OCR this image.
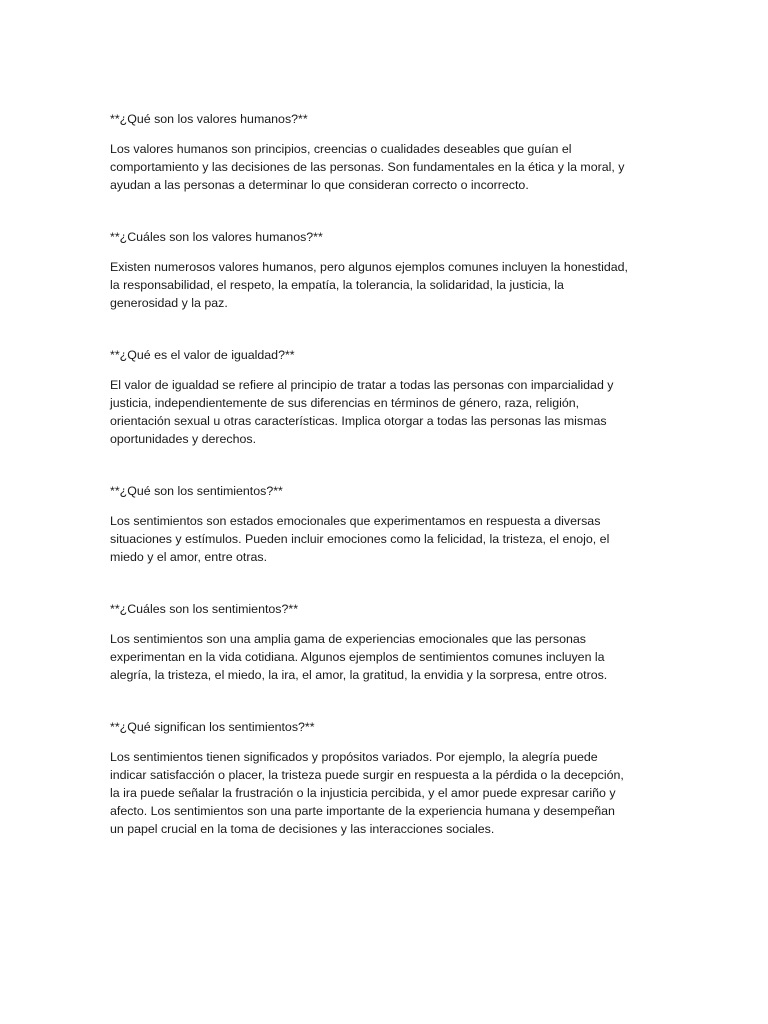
**¿Qué son los valores humanos?**

Los valores humanos son principios, creencias o cualidades deseables que guían el
comportamiento y las decisiones de las personas. Son fundamentales en la ética y la moral, y
ayudan a las personas a determinar lo que consideran correcto o incorrecto.

**¿Cuáles son los valores humanos?**

Existen numerosos valores humanos, pero algunos ejemplos comunes incluyen la honestidad,
la responsabilidad, el respeto, la empatía, la tolerancia, la solidaridad, la justicia, la
generosidad y la paz.

**¿Qué es el valor de igualdad?**

El valor de igualdad se refiere al principio de tratar a todas las personas con imparcialidad y
justicia, independientemente de sus diferencias en términos de género, raza, religión,
orientación sexual u otras características. Implica otorgar a todas las personas las mismas
oportunidades y derechos.

**¿Qué son los sentimientos?**

Los sentimientos son estados emocionales que experimentamos en respuesta a diversas
situaciones y estímulos. Pueden incluir emociones como la felicidad, la tristeza, el enojo, el
miedo y el amor, entre otras.

**¿Cuáles son los sentimientos?**

Los sentimientos son una amplia gama de experiencias emocionales que las personas
experimentan en la vida cotidiana. Algunos ejemplos de sentimientos comunes incluyen la
alegría, la tristeza, el miedo, la ira, el amor, la gratitud, la envidia y la sorpresa, entre otros.

**¿Qué significan los sentimientos?**

Los sentimientos tienen significados y propósitos variados. Por ejemplo, la alegría puede
indicar satisfacción o placer, la tristeza puede surgir en respuesta a la pérdida o la decepción,
la ira puede señalar la frustración o la injusticia percibida, y el amor puede expresar cariño y
afecto. Los sentimientos son una parte importante de la experiencia humana y desempeñan
un papel crucial en la toma de decisiones y las interacciones sociales.
